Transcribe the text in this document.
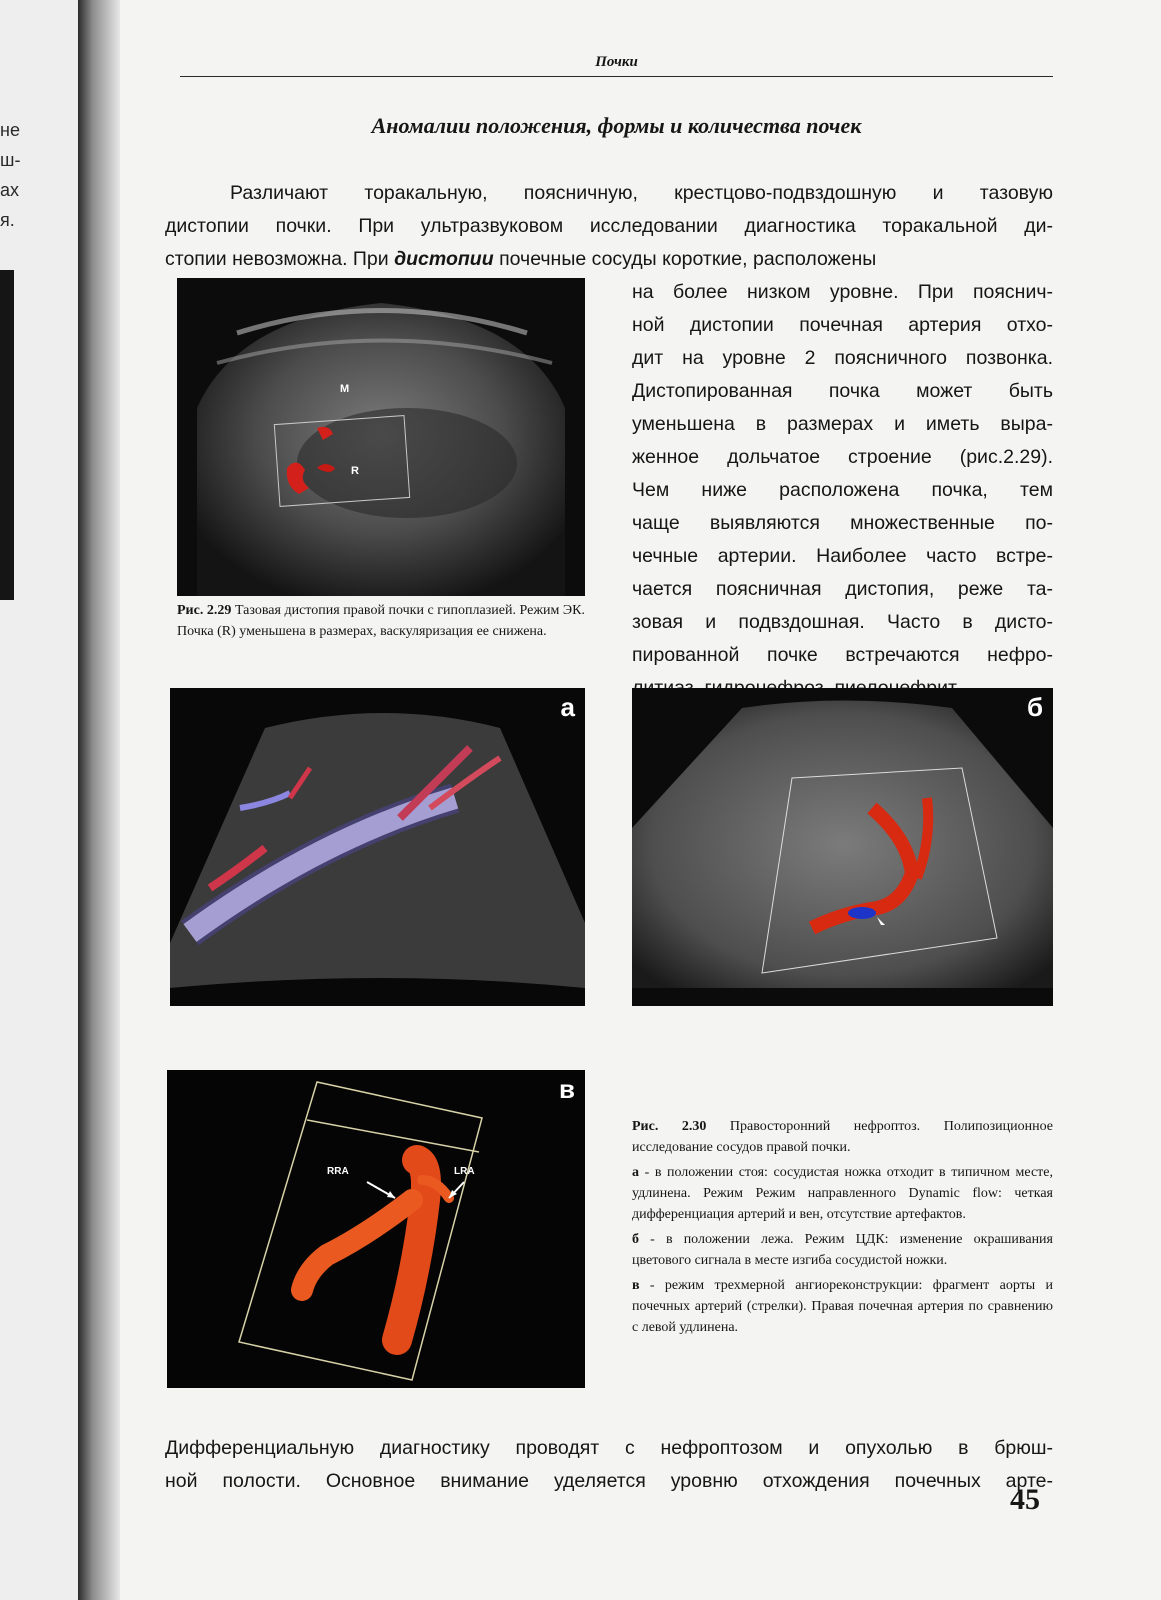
не
ш-
ах
я.
Почки
Аномалии положения, формы и количества почек
Различают торакальную, поясничную, крестцово-подвздошную и тазовую
дистопии почки. При ультразвуковом исследовании диагностика торакальной ди-
стопии невозможна. При дистопии почечные сосуды короткие, расположены
на более низком уровне. При пояснич-
ной дистопии почечная артерия отхо-
дит на уровне 2 поясничного позвонка.
Дистопированная почка может быть
уменьшена в размерах и иметь выра-
женное дольчатое строение (рис.2.29).
Чем ниже расположена почка, тем
чаще выявляются множественные по-
чечные артерии. Наиболее часто встре-
чается поясничная дистопия, реже та-
зовая и подвздошная. Часто в дисто-
пированной почке встречаются нефро-
M
R

Рис. 2.29 Тазовая дистопия правой почки с гипоплазией. Режим ЭК. Почка (R) уменьшена в размерах, васкуляризация ее снижена.

а	б
RRA	LRA
в

Рис. 2.30 Правосторонний нефроптоз. Полипозиционное исследование сосудов правой почки.

а - в положении стоя: сосудистая ножка отходит в типичном месте, удлинена. Режим Режим направленного Dynamic flow: четкая дифференциация артерий и вен, отсутствие артефактов.

б - в положении лежа. Режим ЦДК: изменение окрашивания цветового сигнала в месте изгиба сосудистой ножки.

в - режим трехмерной ангиореконструкции: фрагмент аорты и почечных артерий (стрелки). Правая почечная артерия по сравнению с левой удлинена.

Дифференциальную диагностику проводят с нефроптозом и опухолью в брюш-
ной полости. Основное внимание уделяется уровню отхождения почечных арте-
45
